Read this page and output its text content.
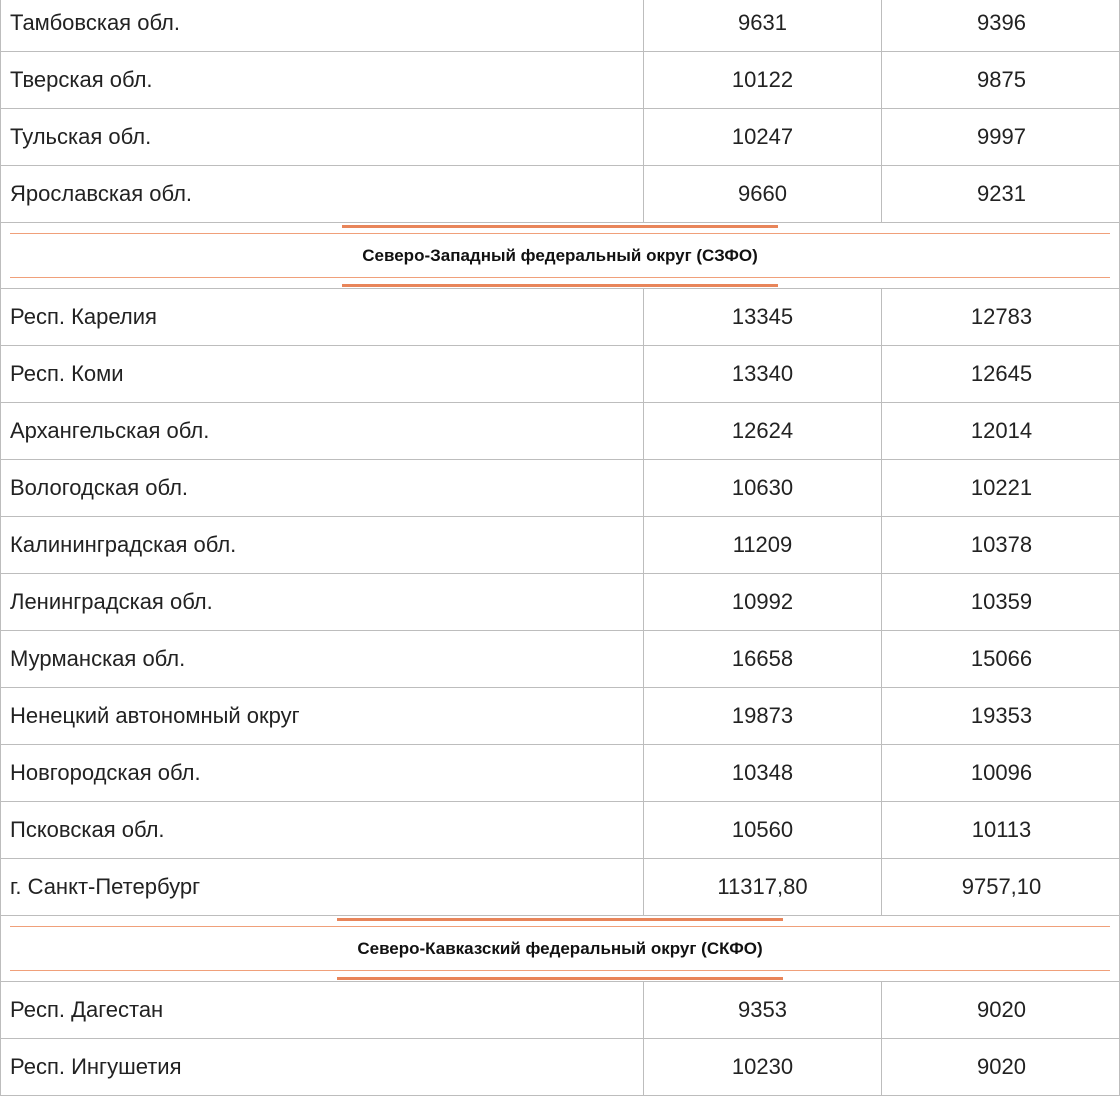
Тамбовская обл.	9631	9396
Тверская обл.	10122	9875
Тульская обл.	10247	9997
Ярославская обл.	9660	9231
Северо-Западный федеральный округ (СЗФО)
Респ. Карелия	13345	12783
Респ. Коми	13340	12645
Архангельская обл.	12624	12014
Вологодская обл.	10630	10221
Калининградская обл.	11209	10378
Ленинградская обл.	10992	10359
Мурманская обл.	16658	15066
Ненецкий автономный округ	19873	19353
Новгородская обл.	10348	10096
Псковская обл.	10560	10113
г. Санкт-Петербург	11317,80	9757,10
Северо-Кавказский федеральный округ (СКФО)
Респ. Дагестан	9353	9020
Респ. Ингушетия	10230	9020
